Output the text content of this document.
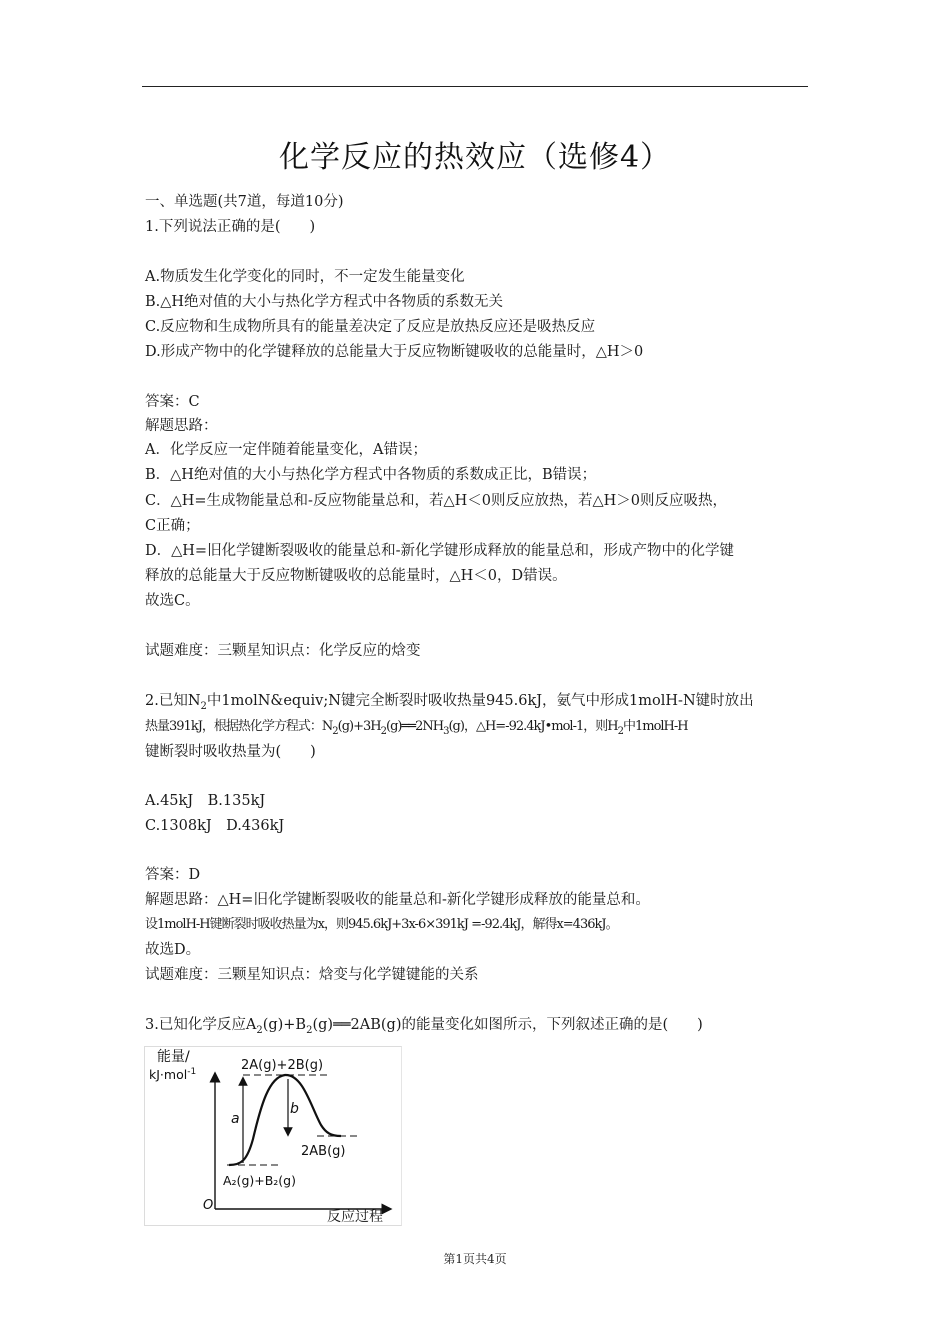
化学反应的热效应（选修4）
一、单选题(共7道，每道10分)
1.下列说法正确的是(　　)
A.物质发生化学变化的同时，不一定发生能量变化
B.△H绝对值的大小与热化学方程式中各物质的系数无关
C.反应物和生成物所具有的能量差决定了反应是放热反应还是吸热反应
D.形成产物中的化学键释放的总能量大于反应物断键吸收的总能量时，△H＞0
答案：C
解题思路：
A．化学反应一定伴随着能量变化，A错误；
B．△H绝对值的大小与热化学方程式中各物质的系数成正比，B错误；
C．△H=生成物能量总和-反应物能量总和，若△H＜0则反应放热，若△H＞0则反应吸热，
C正确；
D．△H=旧化学键断裂吸收的能量总和-新化学键形成释放的能量总和，形成产物中的化学键
释放的总能量大于反应物断键吸收的总能量时，△H＜0，D错误。
故选C。
试题难度：三颗星知识点：化学反应的焓变
2.已知$N_2$中1molN&equiv;N键完全断裂时吸收热量945.6kJ，氨气中形成1molH-N键时放出
热量391kJ，根据热化学方程式：$N_2(g)+3H_2(g)══2NH_3(g)$，△H=-92.4kJ•mol-1，则$H_2$中1molH-H
键断裂时吸收热量为(　　)
A.45kJ　B.135kJ
C.1308kJ　D.436kJ
答案：D
解题思路：△H=旧化学键断裂吸收的能量总和-新化学键形成释放的能量总和。
设1molH-H键断裂时吸收热量为x，则945.6kJ+3x-6×391kJ =-92.4kJ，解得x=436kJ。
故选D。
试题难度：三颗星知识点：焓变与化学键键能的关系
3.已知化学反应$A_2(g)+B_2(g)══2AB(g)$的能量变化如图所示，下列叙述正确的是(　　)
能量/
kJ·mol$^{-1}$	2A(g)+2B(g)
2AB(g)
A₂(g)+B₂(g)
a
b
O
反应过程
第1页共4页
